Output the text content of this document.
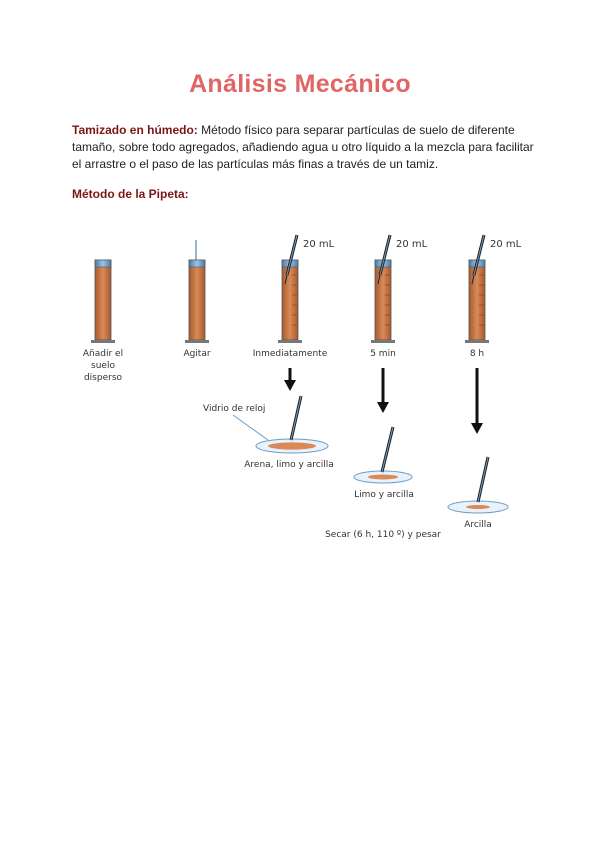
Análisis Mecánico
Tamizado en húmedo: Método físico para separar partículas de suelo de diferente tamaño, sobre todo agregados, añadiendo agua u otro líquido a la mezcla para facilitar el arrastre o el paso de las partículas más finas a través de un tamiz.
Método de la Pipeta:
20 mL	20 mL	20 mL
Añadir el
suelo
disperso
Agitar	Inmediatamente	5 min	8 h
Vidrio de reloj
Arena, limo y arcilla
Limo y arcilla
Arcilla
Secar (6 h, 110 º) y pesar
